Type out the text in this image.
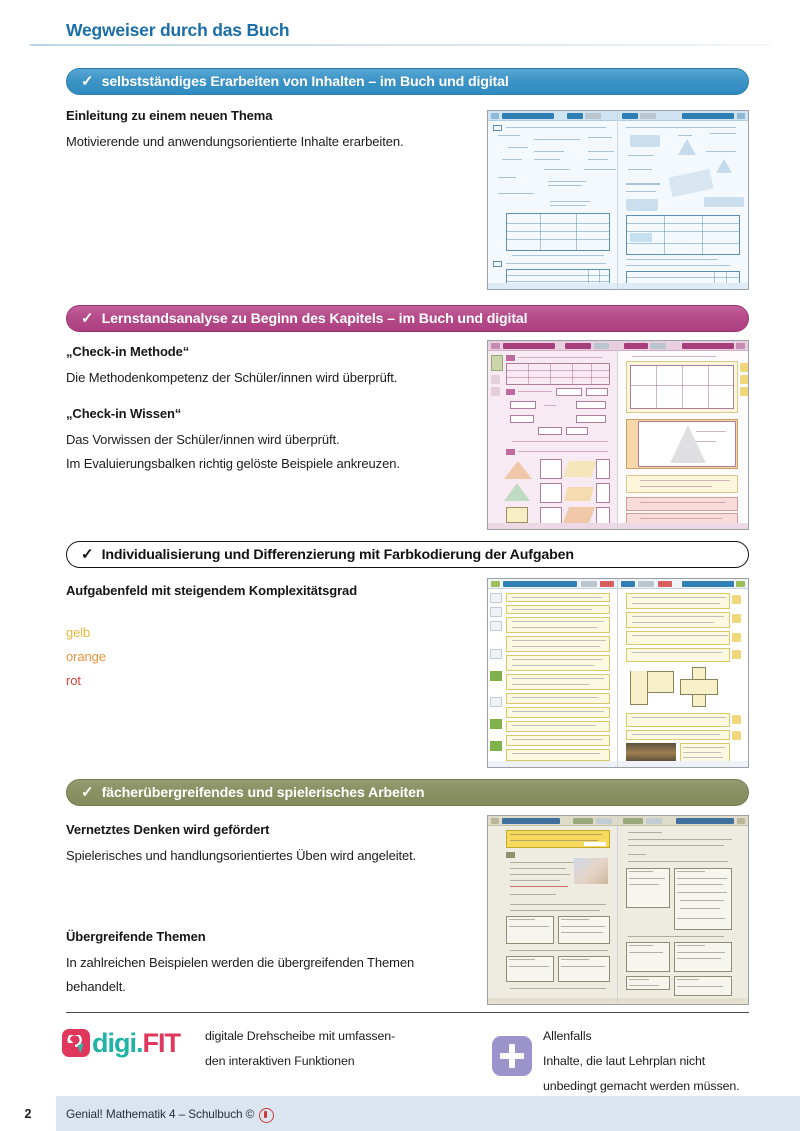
Wegweiser durch das Buch
✓ selbstständiges Erarbeiten von Inhalten – im Buch und digital
Einleitung zu einem neuen Thema

Motivierende und anwendungsorientierte Inhalte erarbeiten.

✓ Lernstandsanalyse zu Beginn des Kapitels – im Buch und digital
„Check-in Methode“

Die Methodenkompetenz der Schüler/innen wird überprüft.

„Check-in Wissen“

Das Vorwissen der Schüler/innen wird überprüft.

Im Evaluierungsbalken richtig gelöste Beispiele ankreuzen.

✓ Individualisierung und Differenzierung mit Farbkodierung der Aufgaben
Aufgabenfeld mit steigendem Komplexitätsgrad
gelb
orange
rot
✓ fächerübergreifendes und spielerisches Arbeiten
Vernetztes Denken wird gefördert

Spielerisches und handlungsorientiertes Üben wird angeleitet.

Übergreifende Themen

In zahlreichen Beispielen werden die übergreifenden Themen

behandelt.

digi.FIT digitale Drehscheibe mit umfassen-
den interaktiven Funktionen
Allenfalls
Inhalte, die laut Lehrplan nicht
unbedingt gemacht werden müssen.
2	Genial! Mathematik 4 – Schulbuch ©
